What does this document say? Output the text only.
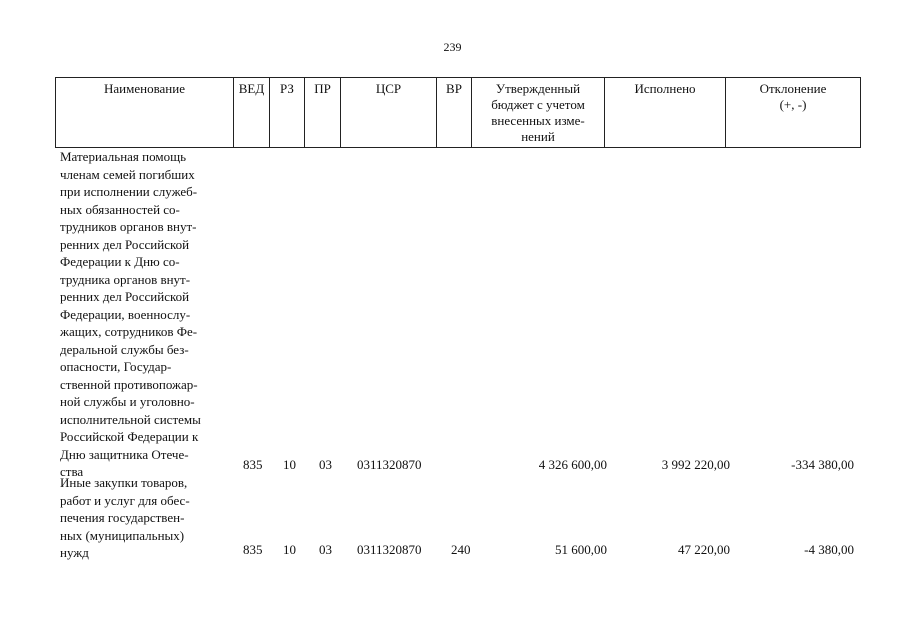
239
Наименование	ВЕД	РЗ	ПР	ЦСР	ВР	Утвержденный бюджет с учетом внесенных изме-
нений	Исполнено	Отклонение
(+, -)
Материальная помощь
членам семей погибших
при исполнении служеб-
ных обязанностей со-
трудников органов внут-
ренних дел Российской
Федерации к Дню со-
трудника органов внут-
ренних дел Российской
Федерации, военнослу-
жащих, сотрудников Фе-
деральной службы без-
опасности, Государ-
ственной противопожар-
ной службы и уголовно-
исполнительной системы
Российской Федерации к
Дню защитника Отече-
ства	835 10 03 0311320870	4 326 600,00	3 992 220,00	-334 380,00
Иные закупки товаров,
работ и услуг для обес-
печения государствен-
ных (муниципальных)
нужд	835 10 03 0311320870 240	51 600,00	47 220,00	-4 380,00
